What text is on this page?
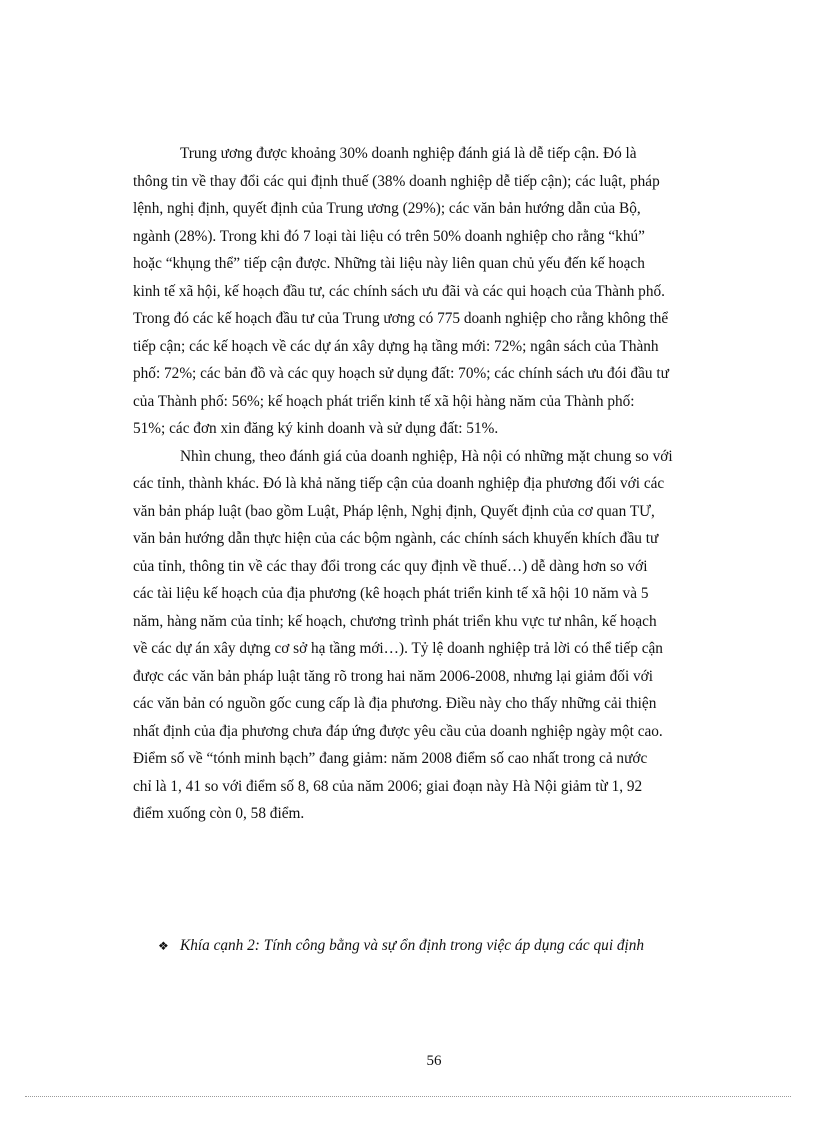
Trung ương được khoảng 30% doanh nghiệp đánh giá là dễ tiếp cận. Đó là
thông tin về thay đổi các qui định thuế (38% doanh nghiệp dễ tiếp cận); các luật, pháp
lệnh, nghị định, quyết định của Trung ương (29%); các văn bản hướng dẫn của Bộ,
ngành (28%). Trong khi đó 7 loại tài liệu có trên 50% doanh nghiệp cho rằng “khú”
hoặc “khụng thể” tiếp cận được. Những tài liệu này liên quan chủ yếu đến kế hoạch
kinh tế xã hội, kế hoạch đầu tư, các chính sách ưu đãi và các qui hoạch của Thành phố.
Trong đó các kế hoạch đầu tư của Trung ương có 775 doanh nghiệp cho rằng không thể
tiếp cận; các kế hoạch về các dự án xây dựng hạ tầng mới: 72%; ngân sách của Thành
phố: 72%; các bản đồ và các quy hoạch sử dụng đất: 70%; các chính sách ưu đói đầu tư
của Thành phố: 56%; kế hoạch phát triển kinh tế xã hội hàng năm của Thành phố:
51%; các đơn xin đăng ký kinh doanh và sử dụng đất: 51%.
Nhìn chung, theo đánh giá của doanh nghiệp, Hà nội có những mặt chung so với
các tỉnh, thành khác. Đó là khả năng tiếp cận của doanh nghiệp địa phương đối với các
văn bản pháp luật (bao gồm Luật, Pháp lệnh, Nghị định, Quyết định của cơ quan TƯ,
văn bản hướng dẫn thực hiện của các bộm ngành, các chính sách khuyến khích đầu tư
của tỉnh, thông tin về các thay đổi trong các quy định về thuế…) dễ dàng hơn so với
các tài liệu kế hoạch của địa phương (kê hoạch phát triển kinh tế xã hội 10 năm và 5
năm, hàng năm của tỉnh; kế hoạch, chương trình phát triển khu vực tư nhân, kế hoạch
về các dự án xây dựng cơ sở hạ tầng mới…). Tỷ lệ doanh nghiệp trả lời có thể tiếp cận
được các văn bản pháp luật tăng rõ trong hai năm 2006-2008, nhưng lại giảm đối với
các văn bản có nguồn gốc cung cấp là địa phương. Điều này cho thấy những cải thiện
nhất định của địa phương chưa đáp ứng được yêu cầu của doanh nghiệp ngày một cao.
Điểm số về “tónh minh bạch” đang giảm: năm 2008 điểm số cao nhất trong cả nước
chỉ là 1, 41 so với điểm số 8, 68 của năm 2006; giai đoạn này Hà Nội giảm từ 1, 92
điểm xuống còn 0, 58 điểm.
❖ Khía cạnh 2: Tính công bằng và sự ổn định trong việc áp dụng các qui định
56
